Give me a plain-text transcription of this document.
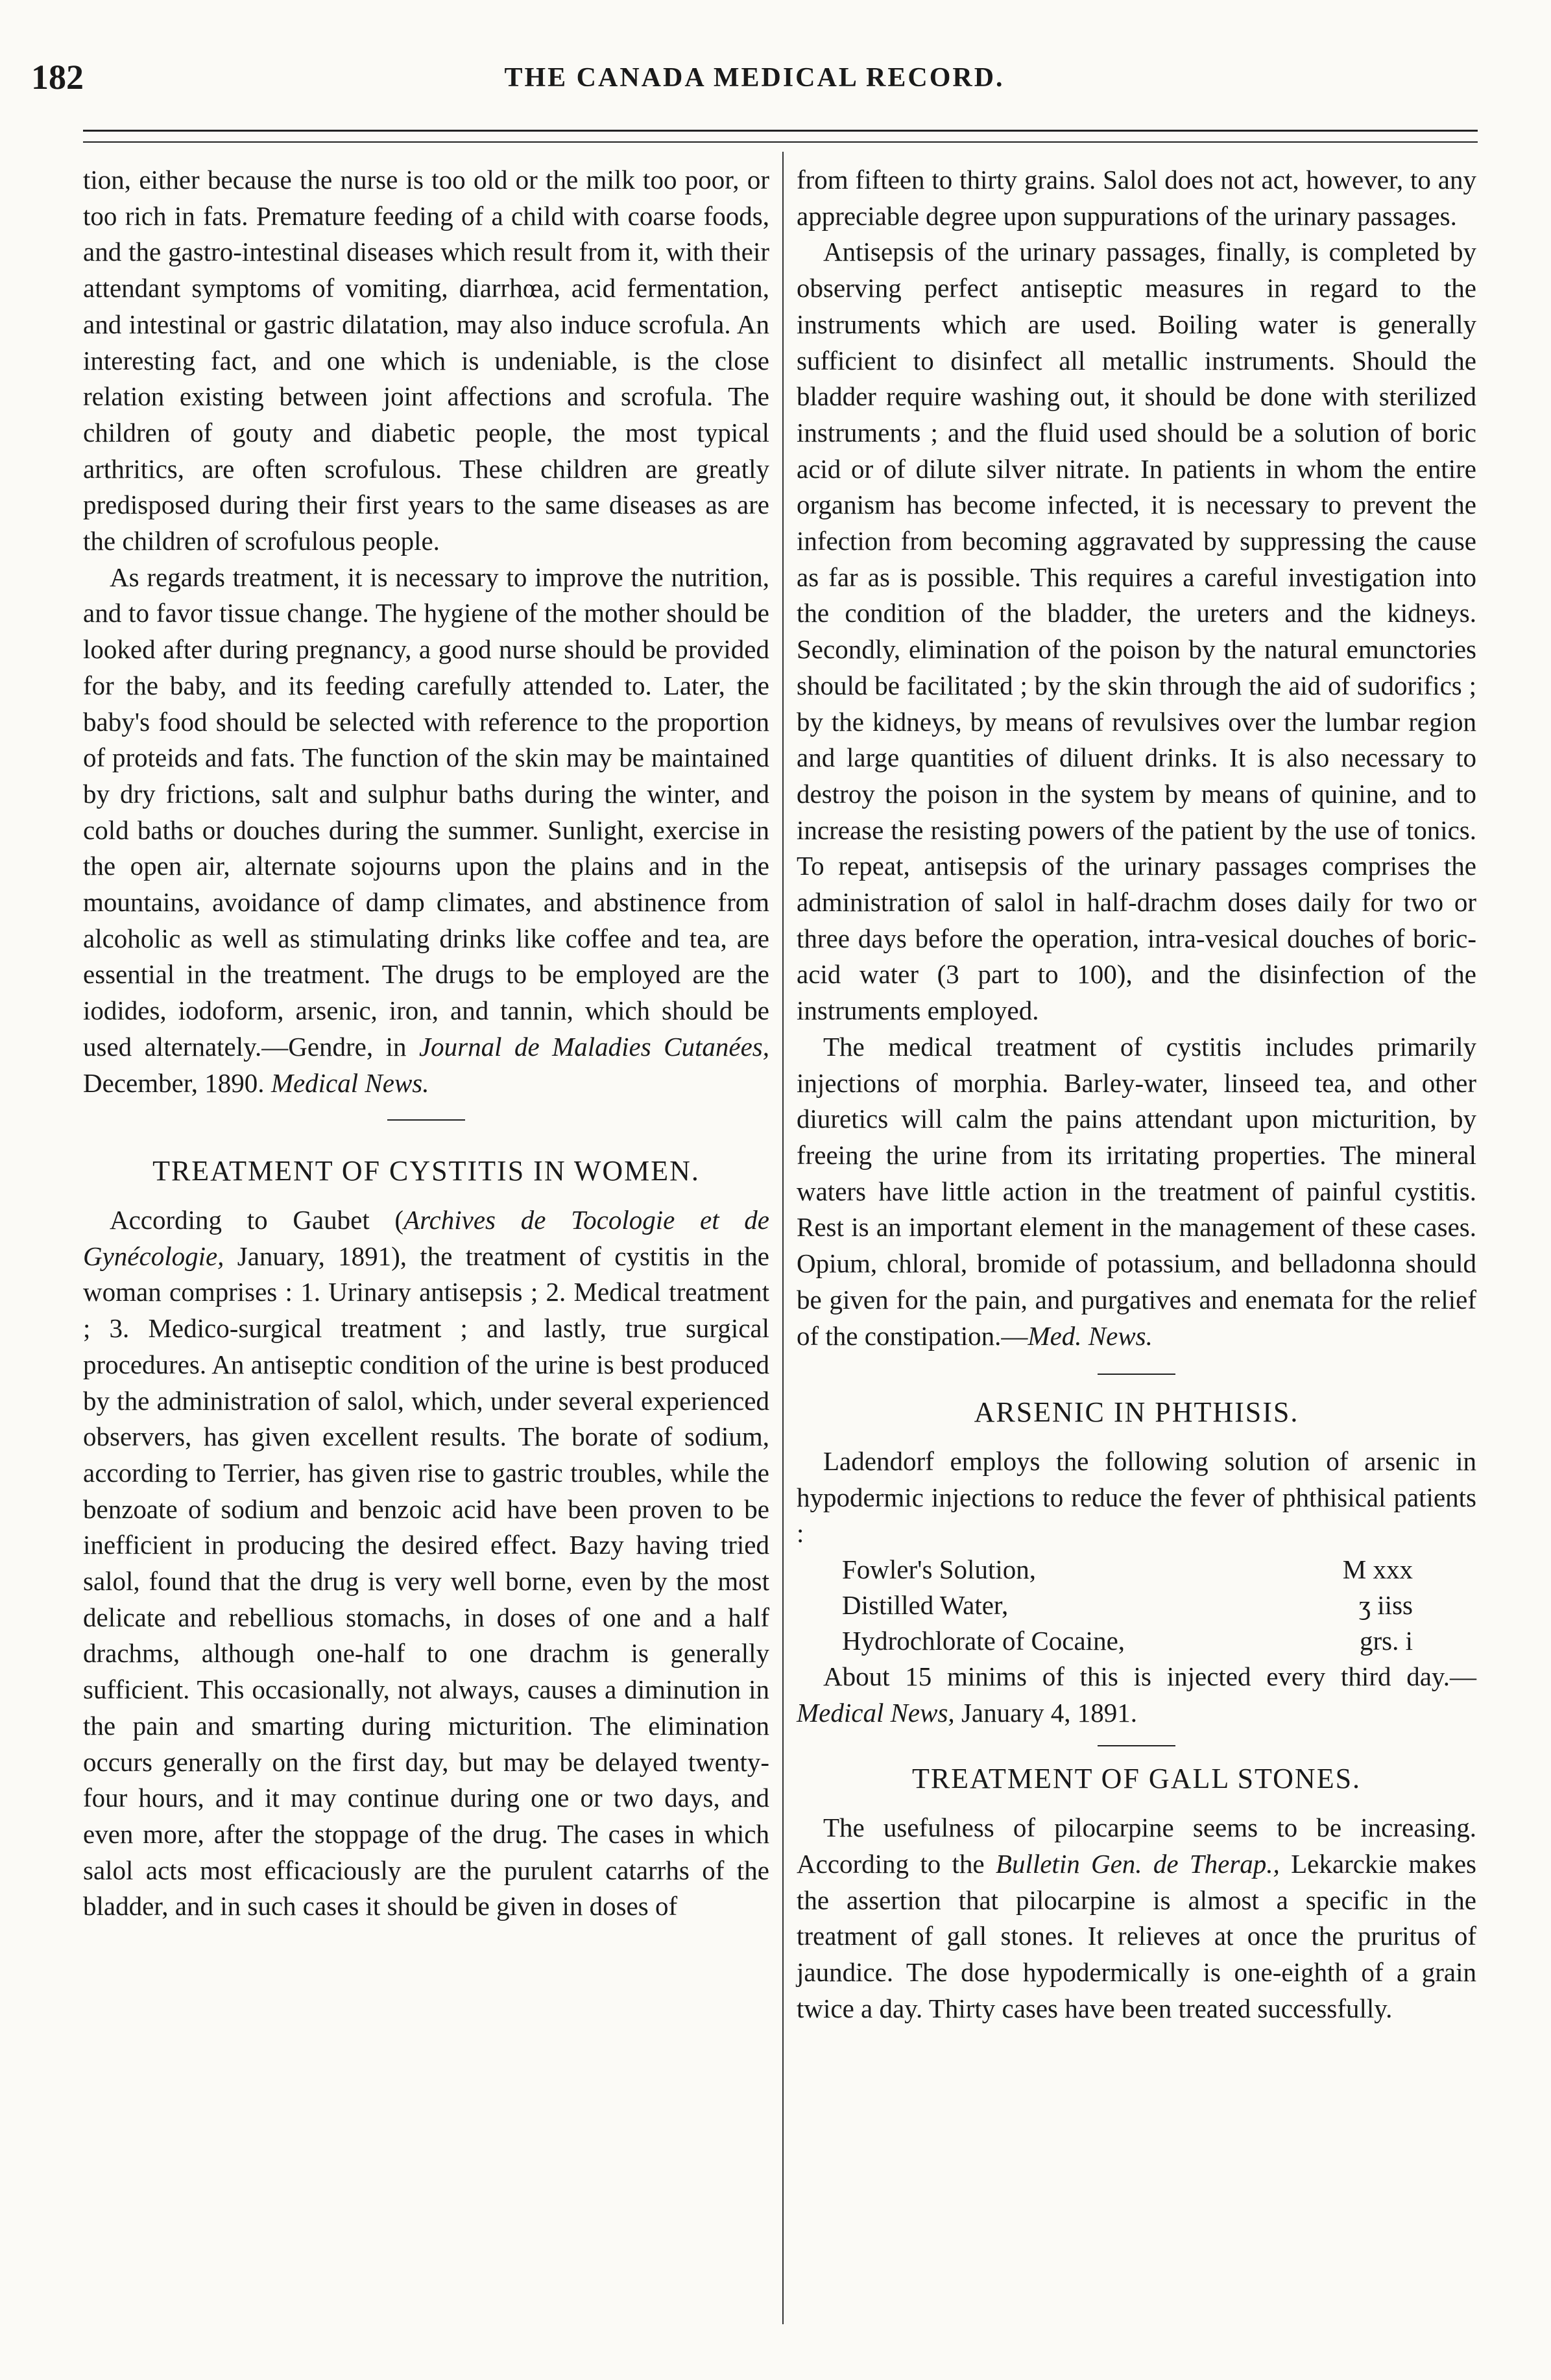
182	THE CANADA MEDICAL RECORD.

tion, either because the nurse is too old or the milk too poor, or too rich in fats. Premature feeding of a child with coarse foods, and the gastro-intestinal diseases which result from it, with their attendant symptoms of vomiting, diarrhœa, acid fermentation, and intestinal or gastric dilatation, may also induce scrofula. An interesting fact, and one which is undeniable, is the close relation existing between joint affections and scrofula. The children of gouty and diabetic people, the most typical arthritics, are often scrofulous. These children are greatly predisposed during their first years to the same diseases as are the children of scrofulous people.

As regards treatment, it is necessary to improve the nutrition, and to favor tissue change. The hygiene of the mother should be looked after during pregnancy, a good nurse should be provided for the baby, and its feeding carefully attended to. Later, the baby's food should be selected with reference to the proportion of proteids and fats. The function of the skin may be maintained by dry frictions, salt and sulphur baths during the winter, and cold baths or douches during the summer. Sunlight, exercise in the open air, alternate sojourns upon the plains and in the mountains, avoidance of damp climates, and abstinence from alcoholic as well as stimulating drinks like coffee and tea, are essential in the treatment. The drugs to be employed are the iodides, iodoform, arsenic, iron, and tannin, which should be used alternately.—Gendre, in Journal de Maladies Cutanées, December, 1890. Medical News.

TREATMENT OF CYSTITIS IN WOMEN.

According to Gaubet (Archives de Tocologie et de Gynécologie, January, 1891), the treatment of cystitis in the woman comprises : 1. Urinary antisepsis ; 2. Medical treatment ; 3. Medico-surgical treatment ; and lastly, true surgical procedures. An antiseptic condition of the urine is best produced by the administration of salol, which, under several experienced observers, has given excellent results. The borate of sodium, according to Terrier, has given rise to gastric troubles, while the benzoate of sodium and benzoic acid have been proven to be inefficient in producing the desired effect. Bazy having tried salol, found that the drug is very well borne, even by the most delicate and rebellious stomachs, in doses of one and a half drachms, although one-half to one drachm is generally sufficient. This occasionally, not always, causes a diminution in the pain and smarting during micturition. The elimination occurs generally on the first day, but may be delayed twenty-four hours, and it may continue during one or two days, and even more, after the stoppage of the drug. The cases in which salol acts most efficaciously are the purulent catarrhs of the bladder, and in such cases it should be given in doses of

from fifteen to thirty grains. Salol does not act, however, to any appreciable degree upon suppurations of the urinary passages.

Antisepsis of the urinary passages, finally, is completed by observing perfect antiseptic measures in regard to the instruments which are used. Boiling water is generally sufficient to disinfect all metallic instruments. Should the bladder require washing out, it should be done with sterilized instruments ; and the fluid used should be a solution of boric acid or of dilute silver nitrate. In patients in whom the entire organism has become infected, it is necessary to prevent the infection from becoming aggravated by suppressing the cause as far as is possible. This requires a careful investigation into the condition of the bladder, the ureters and the kidneys. Secondly, elimination of the poison by the natural emunctories should be facilitated ; by the skin through the aid of sudorifics ; by the kidneys, by means of revulsives over the lumbar region and large quantities of diluent drinks. It is also necessary to destroy the poison in the system by means of quinine, and to increase the resisting powers of the patient by the use of tonics. To repeat, antisepsis of the urinary passages comprises the administration of salol in half-drachm doses daily for two or three days before the operation, intra-vesical douches of boric-acid water (3 part to 100), and the disinfection of the instruments employed.

The medical treatment of cystitis includes primarily injections of morphia. Barley-water, linseed tea, and other diuretics will calm the pains attendant upon micturition, by freeing the urine from its irritating properties. The mineral waters have little action in the treatment of painful cystitis. Rest is an important element in the management of these cases. Opium, chloral, bromide of potassium, and belladonna should be given for the pain, and purgatives and enemata for the relief of the constipation.—Med. News.

ARSENIC IN PHTHISIS.

Ladendorf employs the following solution of arsenic in hypodermic injections to reduce the fever of phthisical patients :

Fowler's Solution,	M xxx
Distilled Water,	ʒ iiss
Hydrochlorate of Cocaine,	grs. i

About 15 minims of this is injected every third day.—Medical News, January 4, 1891.

TREATMENT OF GALL STONES.

The usefulness of pilocarpine seems to be increasing. According to the Bulletin Gen. de Therap., Lekarckie makes the assertion that pilocarpine is almost a specific in the treatment of gall stones. It relieves at once the pruritus of jaundice. The dose hypodermically is one-eighth of a grain twice a day. Thirty cases have been treated successfully.
